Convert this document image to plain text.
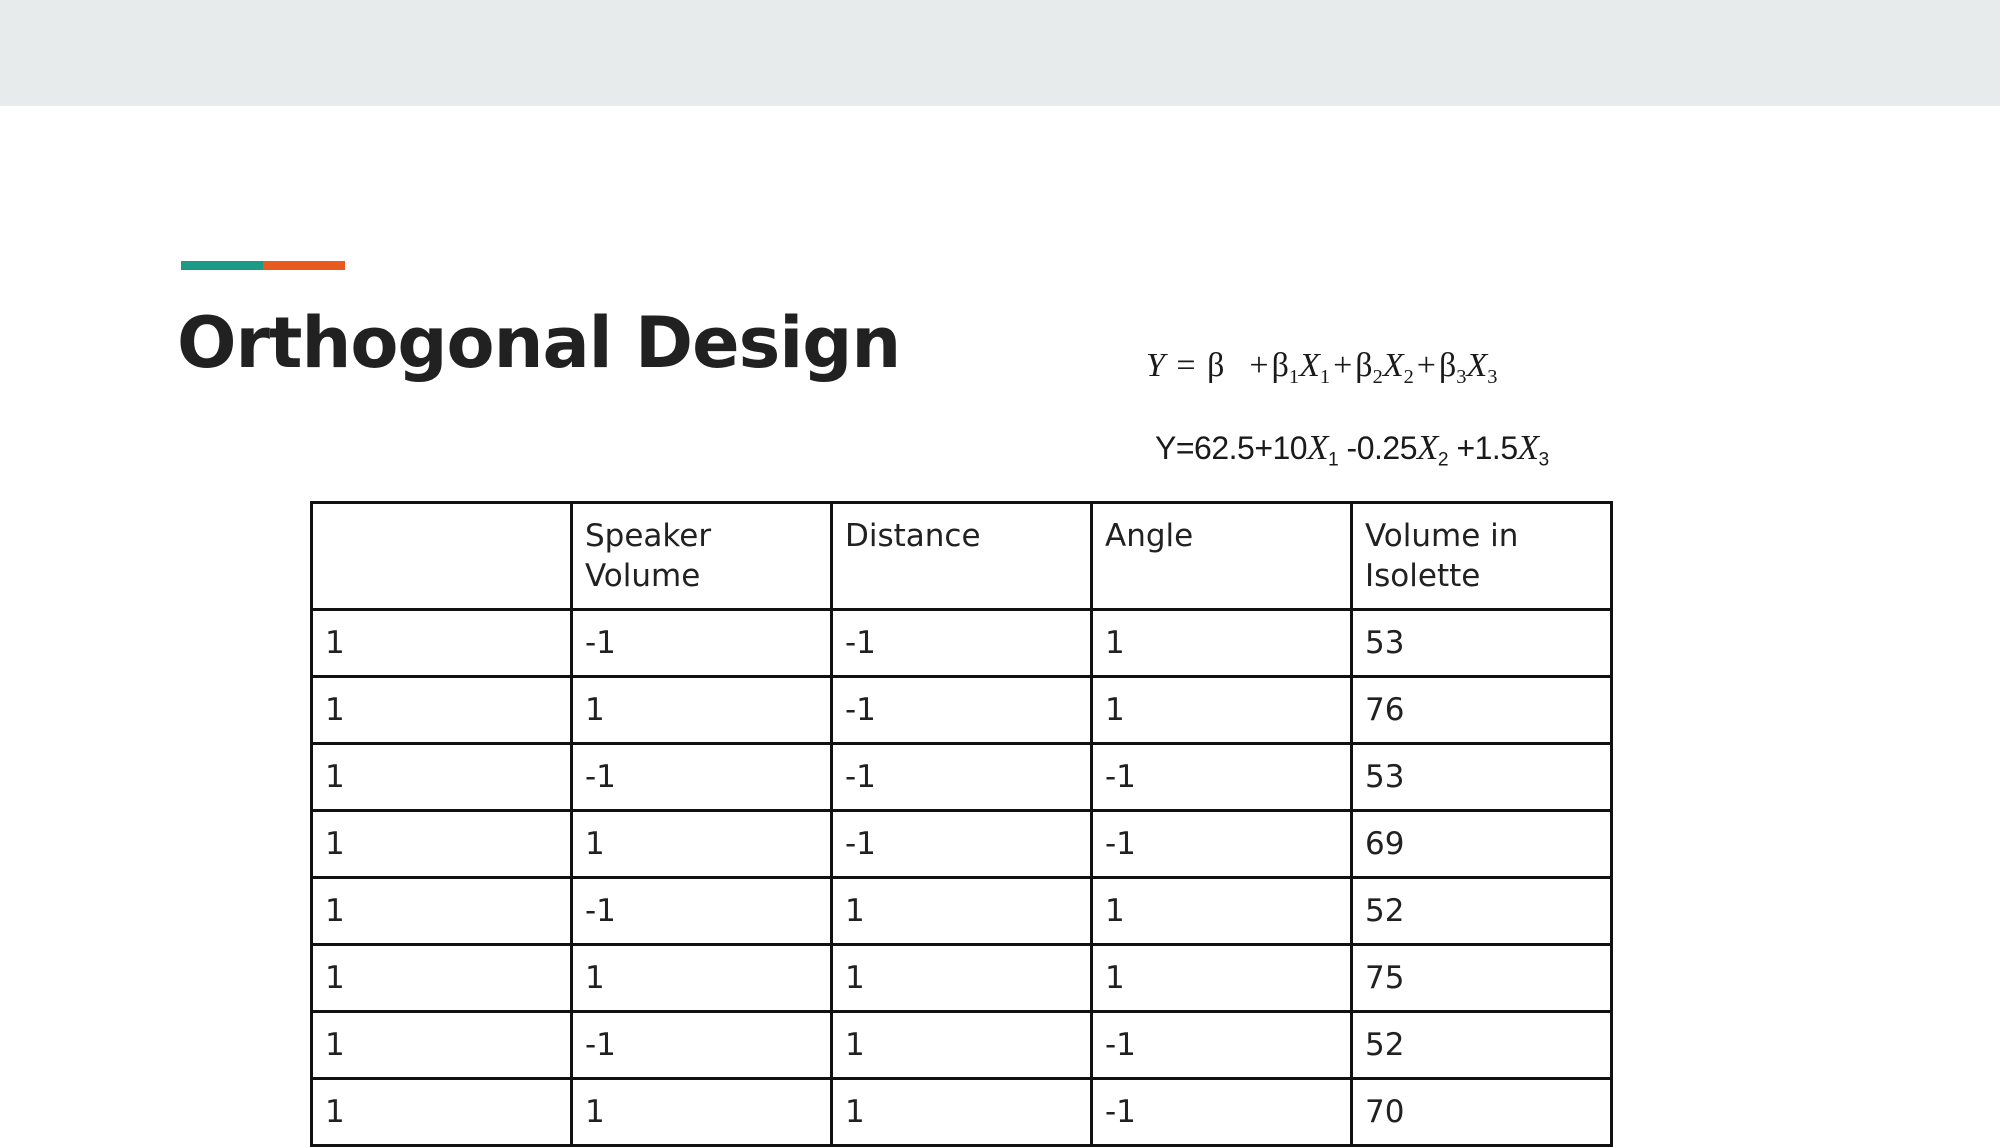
Orthogonal Design	$Y = \beta +\beta_1X_1+\beta_2X_2+\beta_3X_3$
$Y=62.5+10X_1$ $-0.25X_2 +1.5X_3$
	Speaker Volume	Distance	Angle	Volume in Isolette
1	-1	-1	1	53
1	1	-1	1	76
1	-1	-1	-1	53
1	1	-1	-1	69
1	-1	1	1	52
1	1	1	1	75
1	-1	1	-1	52
1	1	1	-1	70
